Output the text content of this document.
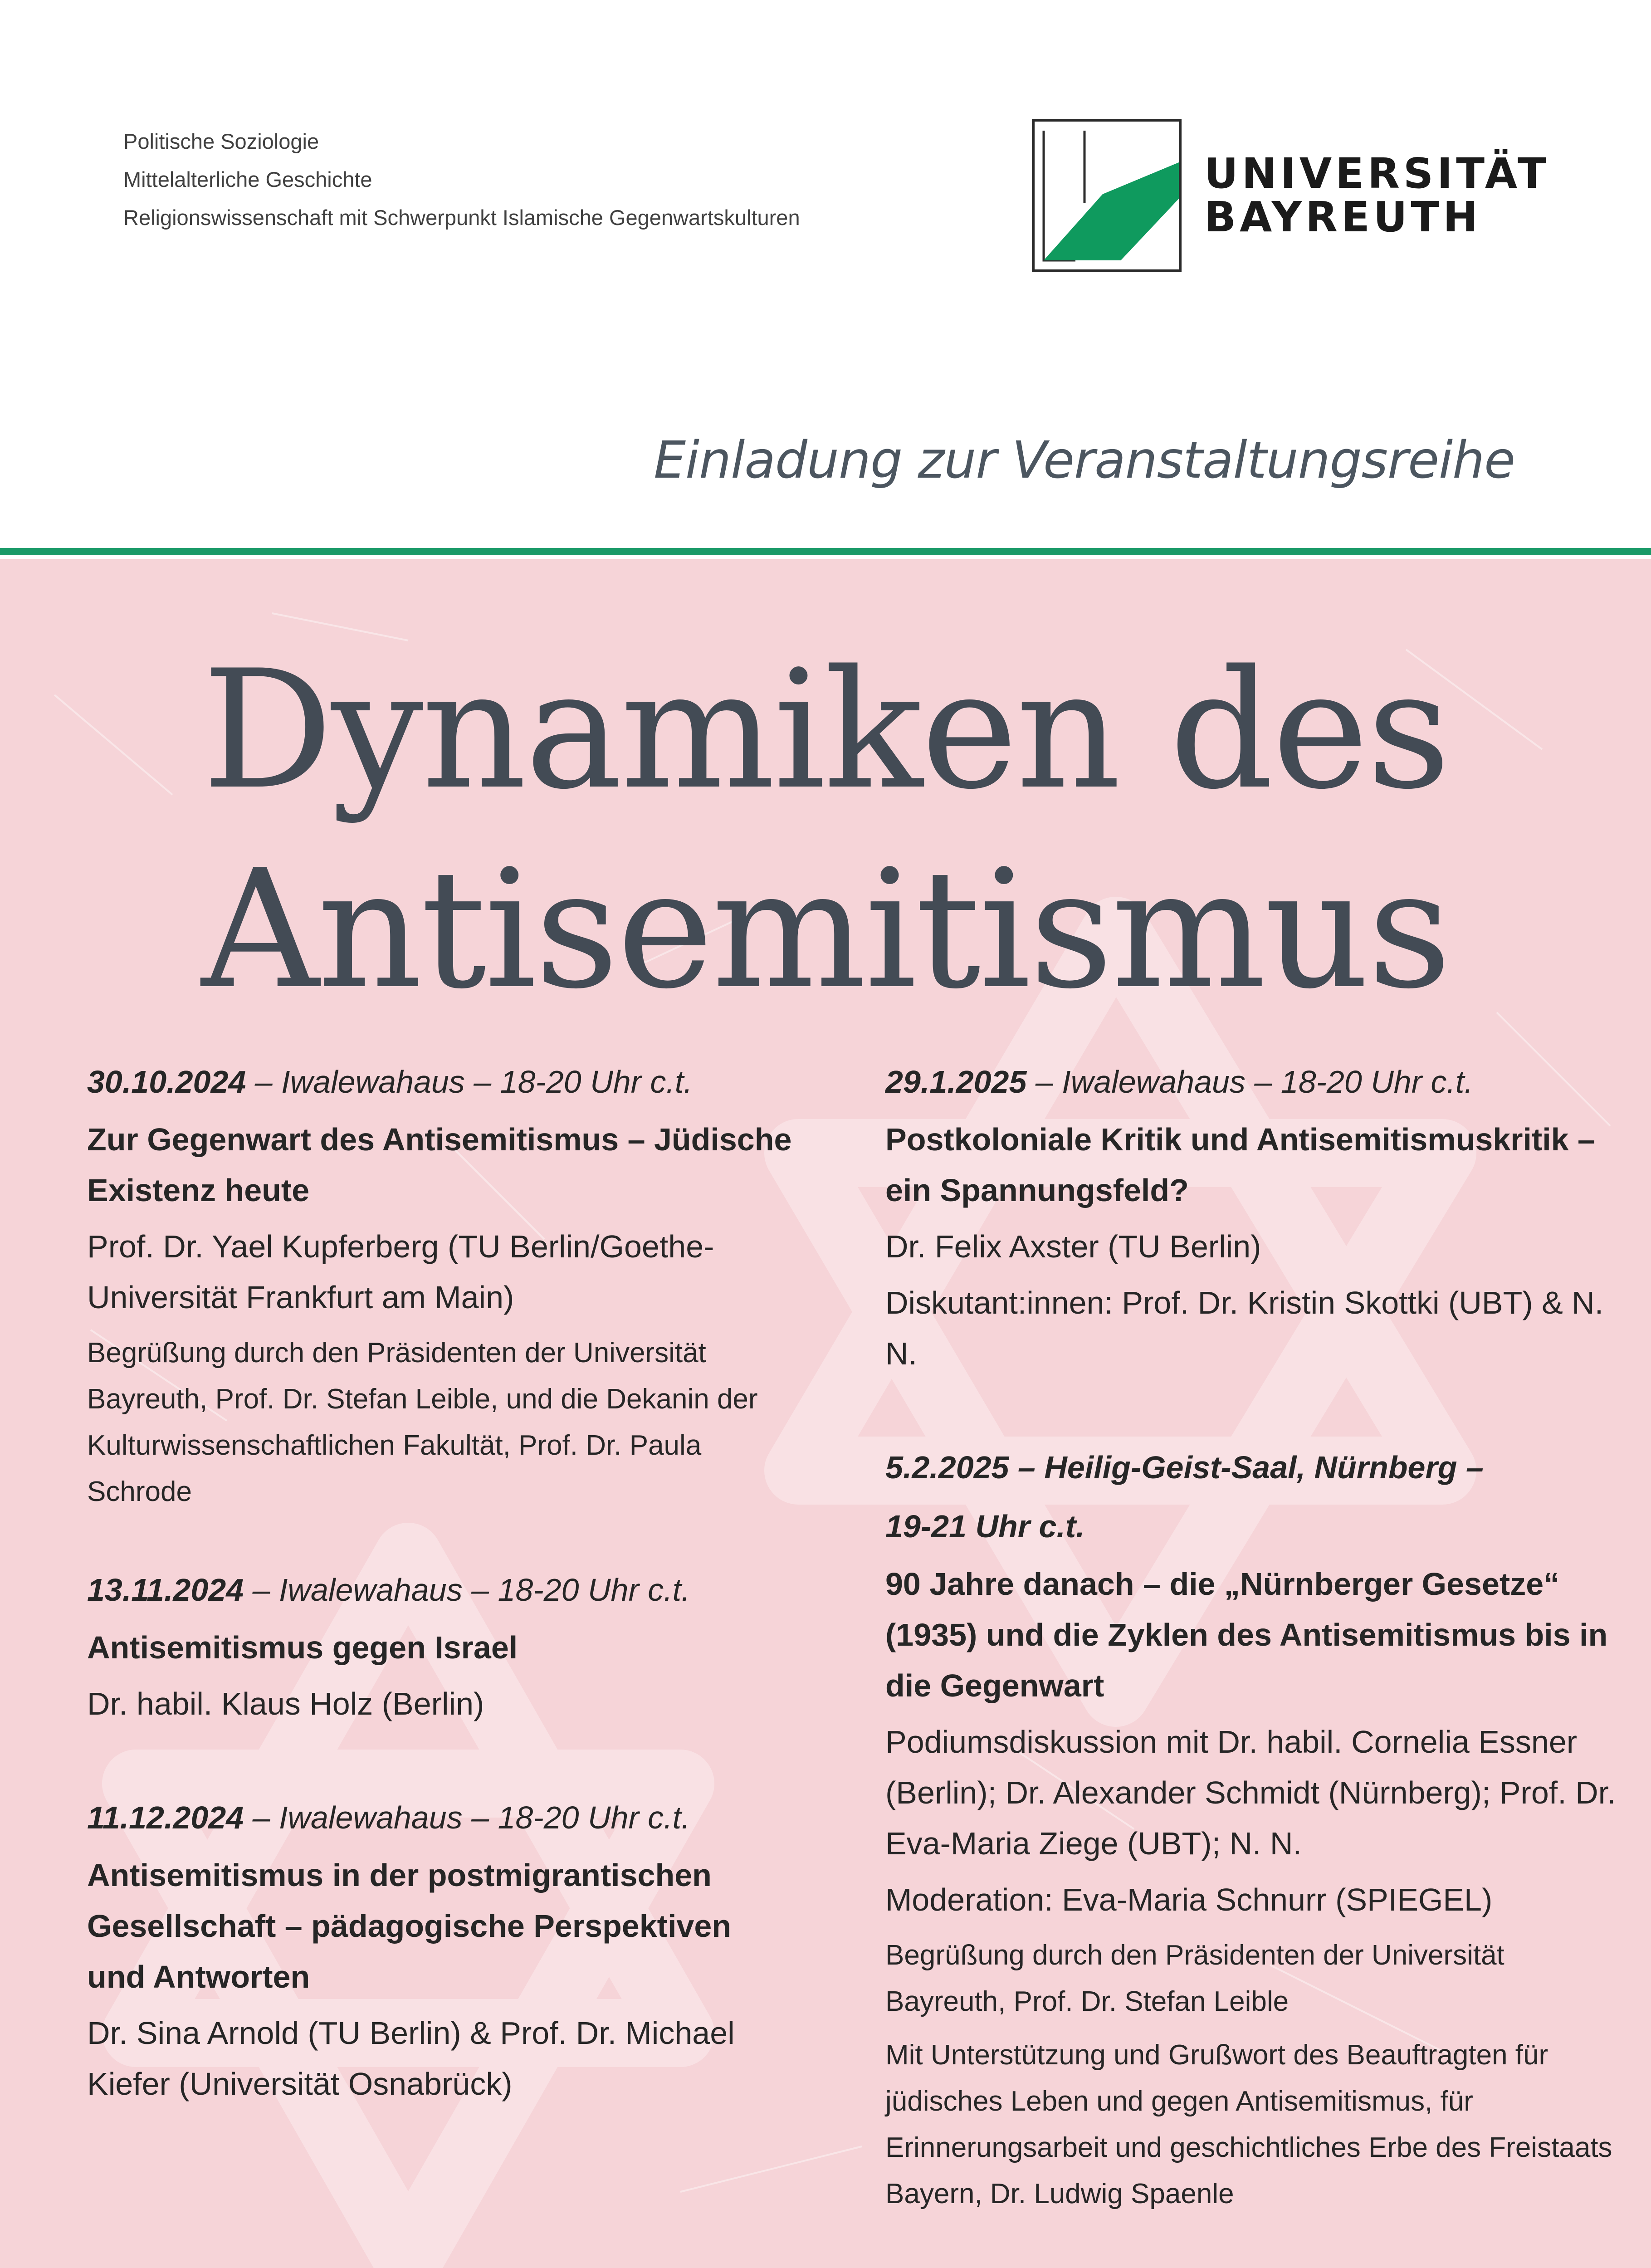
Politische Soziologie
Mittelalterliche Geschichte
Religionswissenschaft mit Schwerpunkt Islamische Gegenwartskulturen
UNIVERSITÄT
BAYREUTH
Einladung zur Veranstaltungsreihe
Dynamiken des
Antisemitismus
30.10.2024 – Iwalewahaus – 18-20 Uhr c.t.
Zur Gegenwart des Antisemitismus – Jüdische Existenz heute
Prof. Dr. Yael Kupferberg (TU Berlin/Goethe-Universität Frankfurt am Main)
Begrüßung durch den Präsidenten der Universität Bayreuth, Prof. Dr. Stefan Leible, und die Dekanin der Kulturwissenschaftlichen Fakultät, Prof. Dr. Paula Schrode
13.11.2024 – Iwalewahaus – 18-20 Uhr c.t.
Antisemitismus gegen Israel
Dr. habil. Klaus Holz (Berlin)
11.12.2024 – Iwalewahaus – 18-20 Uhr c.t.
Antisemitismus in der postmigrantischen Gesellschaft – pädagogische Perspektiven und Antworten
Dr. Sina Arnold (TU Berlin) & Prof. Dr. Michael Kiefer (Universität Osnabrück)
29.1.2025 – Iwalewahaus – 18-20 Uhr c.t.
Postkoloniale Kritik und Antisemitismuskritik – ein Spannungsfeld?
Dr. Felix Axster (TU Berlin)
Diskutant:innen: Prof. Dr. Kristin Skottki (UBT) & N. N.
5.2.2025 – Heilig-Geist-Saal, Nürnberg –
19-21 Uhr c.t.
90 Jahre danach – die „Nürnberger Gesetze“ (1935) und die Zyklen des Antisemitismus bis in die Gegenwart
Podiumsdiskussion mit Dr. habil. Cornelia Essner (Berlin); Dr. Alexander Schmidt (Nürnberg); Prof. Dr. Eva-Maria Ziege (UBT); N. N.
Moderation: Eva-Maria Schnurr (SPIEGEL)
Begrüßung durch den Präsidenten der Universität Bayreuth, Prof. Dr. Stefan Leible
Mit Unterstützung und Grußwort des Beauftragten für jüdisches Leben und gegen Antisemitismus, für Erinnerungsarbeit und geschichtliches Erbe des Freistaats Bayern, Dr. Ludwig Spaenle
